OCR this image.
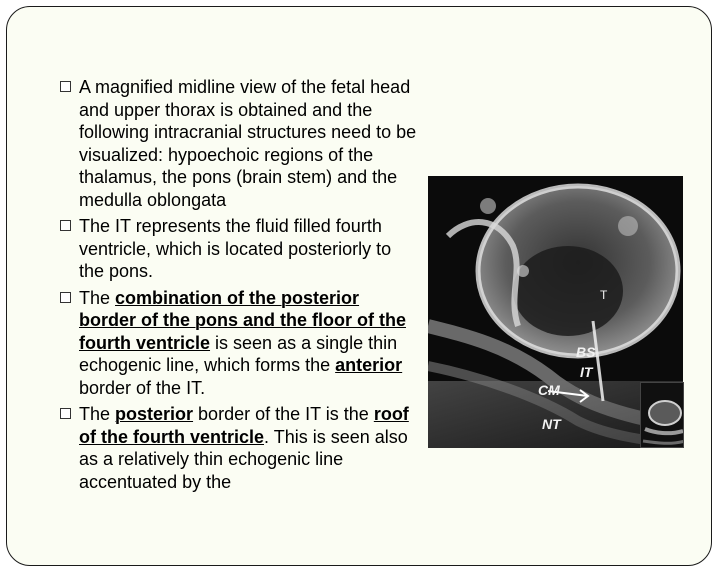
A magnified midline view of the fetal head and upper thorax is obtained and the following intracranial structures need to be visualized: hypoechoic regions of the thalamus, the pons (brain stem) and the medulla oblongata
The IT represents the fluid filled fourth ventricle, which is located posteriorly to the pons.
The combination of the posterior border of the pons and the floor of the fourth ventricle is seen as a single thin echogenic line, which forms the anterior border of the IT.
The posterior border of the IT is the roof of the fourth ventricle. This is seen also as a relatively thin echogenic line accentuated by the
T
BS
IT
CM
NT
